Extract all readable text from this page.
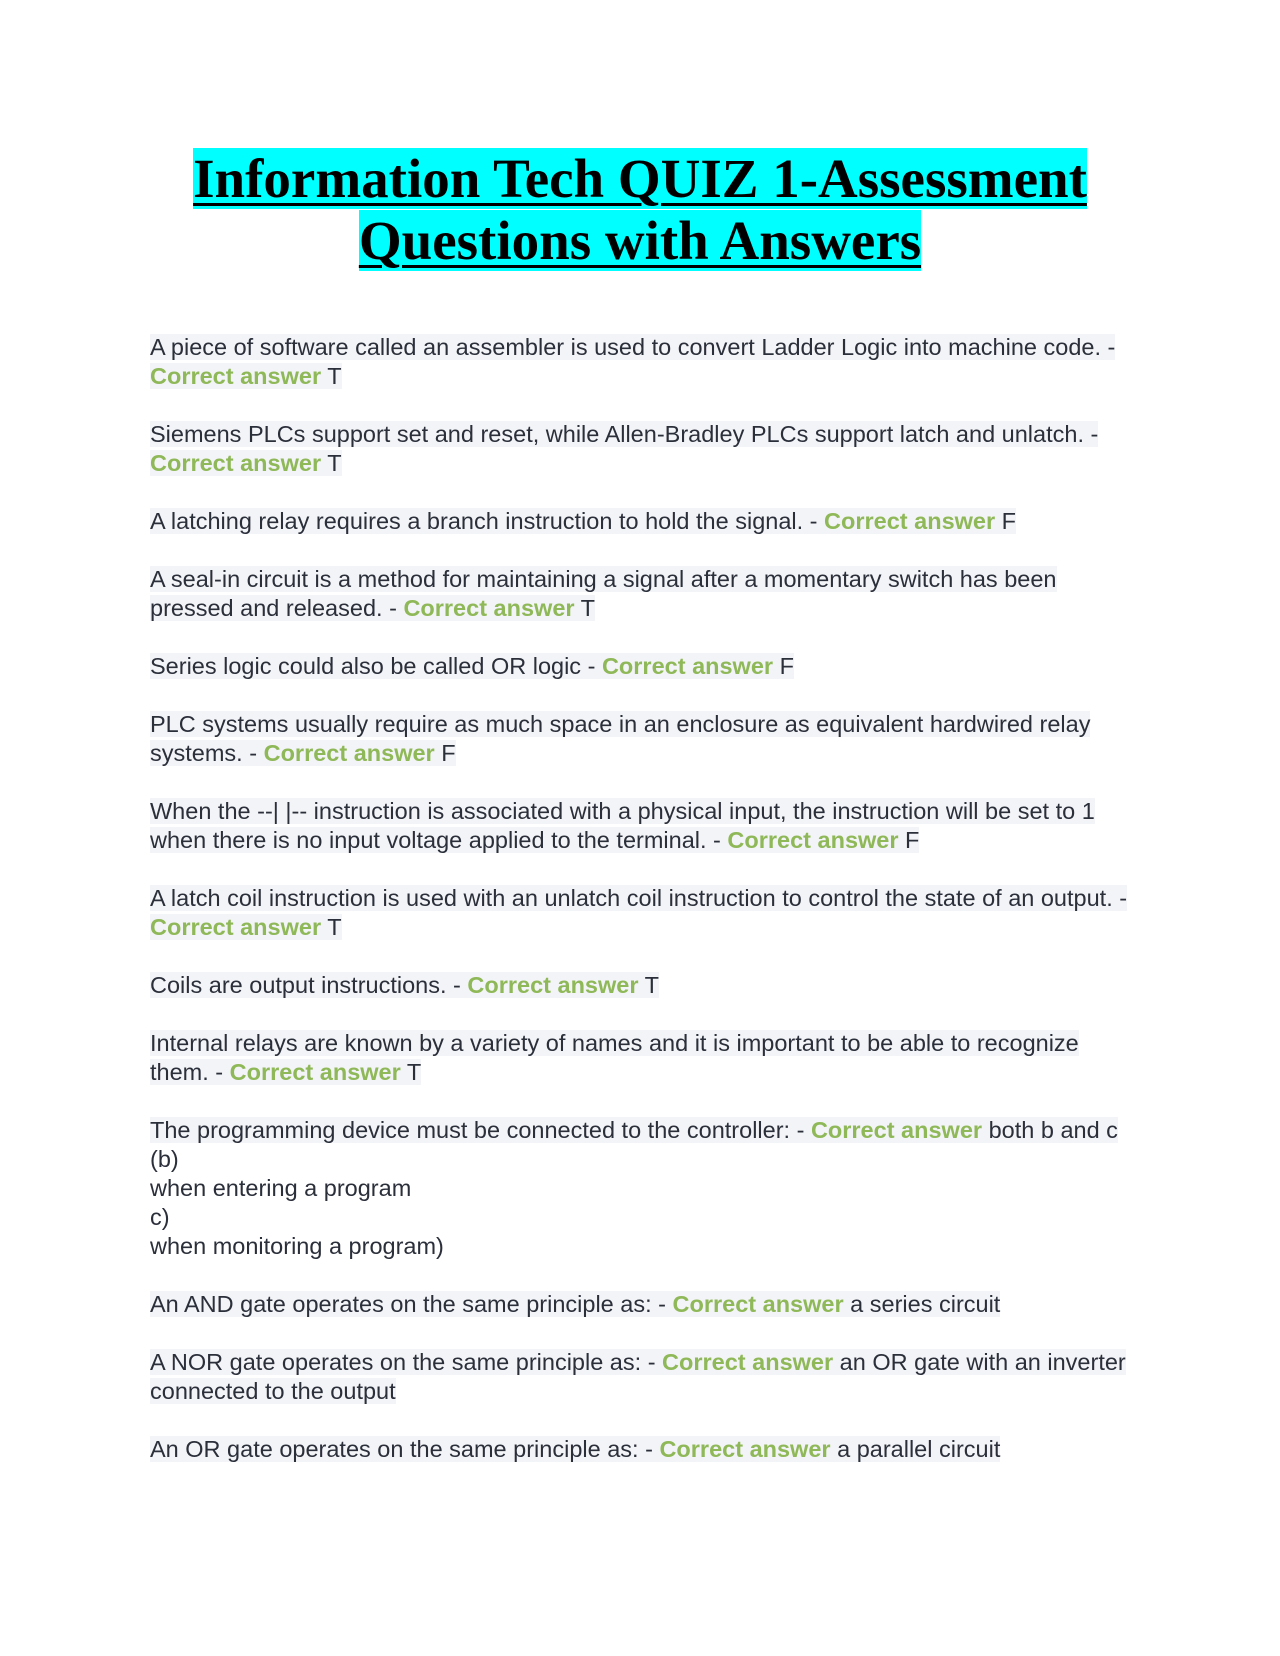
Information Tech QUIZ 1-Assessment
Questions with Answers

A piece of software called an assembler is used to convert Ladder Logic into machine code. - Correct answer T

Siemens PLCs support set and reset, while Allen-Bradley PLCs support latch and unlatch. - Correct answer T

A latching relay requires a branch instruction to hold the signal. - Correct answer F

A seal-in circuit is a method for maintaining a signal after a momentary switch has been pressed and released. - Correct answer T

Series logic could also be called OR logic - Correct answer F

PLC systems usually require as much space in an enclosure as equivalent hardwired relay systems. - Correct answer F

When the --| |-- instruction is associated with a physical input, the instruction will be set to 1 when there is no input voltage applied to the terminal. - Correct answer F

A latch coil instruction is used with an unlatch coil instruction to control the state of an output. - Correct answer T

Coils are output instructions. - Correct answer T

Internal relays are known by a variety of names and it is important to be able to recognize them. - Correct answer T

The programming device must be connected to the controller: - Correct answer both b and c
(b)
when entering a program
c)
when monitoring a program)

An AND gate operates on the same principle as: - Correct answer a series circuit

A NOR gate operates on the same principle as: - Correct answer an OR gate with an inverter connected to the output

An OR gate operates on the same principle as: - Correct answer a parallel circuit
